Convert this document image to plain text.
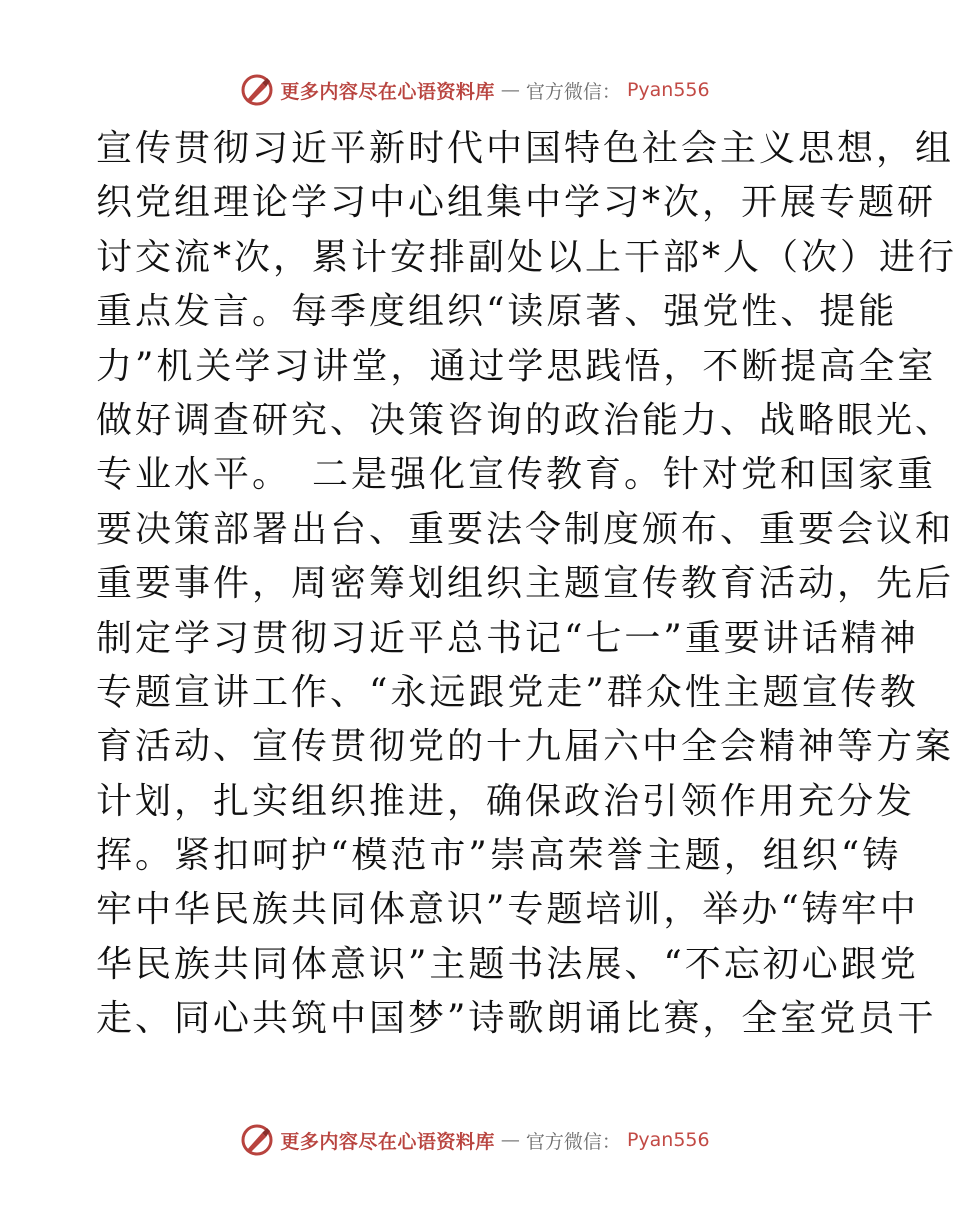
更多内容尽在心语资料库 — 官方微信： Pyan556
宣传贯彻习近平新时代中国特色社会主义思想，组
织党组理论学习中心组集中学习*次，开展专题研
讨交流*次，累计安排副处以上干部*人（次）进行
重点发言。每季度组织“读原著、强党性、提能
力”机关学习讲堂，通过学思践悟，不断提高全室
做好调查研究、决策咨询的政治能力、战略眼光、
专业水平。　二是强化宣传教育。针对党和国家重
要决策部署出台、重要法令制度颁布、重要会议和
重要事件，周密筹划组织主题宣传教育活动，先后
制定学习贯彻习近平总书记“七一”重要讲话精神
专题宣讲工作、“永远跟党走”群众性主题宣传教
育活动、宣传贯彻党的十九届六中全会精神等方案
计划，扎实组织推进，确保政治引领作用充分发
挥。紧扣呵护“模范市”崇高荣誉主题，组织“铸
牢中华民族共同体意识”专题培训，举办“铸牢中
华民族共同体意识”主题书法展、“不忘初心跟党
走、同心共筑中国梦”诗歌朗诵比赛，全室党员干
更多内容尽在心语资料库 — 官方微信： Pyan556
